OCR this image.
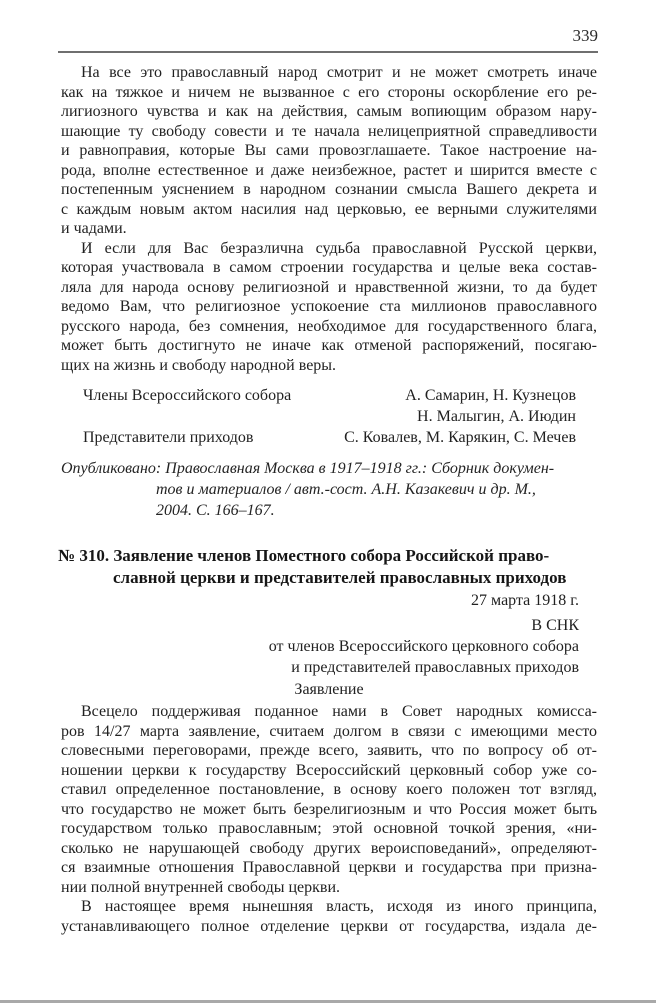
339
На все это православный народ смотрит и не может смотреть иначе
как на тяжкое и ничем не вызванное с его стороны оскорбление его ре-
лигиозного чувства и как на действия, самым вопиющим образом нару-
шающие ту свободу совести и те начала нелицеприятной справедливости
и равноправия, которые Вы сами провозглашаете. Такое настроение на-
рода, вполне естественное и даже неизбежное, растет и ширится вместе с
постепенным уяснением в народном сознании смысла Вашего декрета и
с каждым новым актом насилия над церковью, ее верными служителями
и чадами.
И если для Вас безразлична судьба православной Русской церкви,
которая участвовала в самом строении государства и целые века состав-
ляла для народа основу религиозной и нравственной жизни, то да будет
ведомо Вам, что религиозное успокоение ста миллионов православного
русского народа, без сомнения, необходимое для государственного блага,
может быть достигнуто не иначе как отменой распоряжений, посягаю-
щих на жизнь и свободу народной веры.
Члены Всероссийского собора	А. Самарин, Н. Кузнецов
Н. Малыгин, А. Июдин
Представители приходов	С. Ковалев, М. Карякин, С. Мечев
Опубликовано: Православная Москва в 1917–1918 гг.: Сборник докумен-
тов и материалов / авт.-сост. А.Н. Казакевич и др. М.,
2004. С. 166–167.
№ 310. Заявление членов Поместного собора Российской право-
славной церкви и представителей православных приходов
27 марта 1918 г.
В СНК
от членов Всероссийского церковного собора
и представителей православных приходов
Заявление
Всецело поддерживая поданное нами в Совет народных комисса-
ров 14/27 марта заявление, считаем долгом в связи с имеющими место
словесными переговорами, прежде всего, заявить, что по вопросу об от-
ношении церкви к государству Всероссийский церковный собор уже со-
ставил определенное постановление, в основу коего положен тот взгляд,
что государство не может быть безрелигиозным и что Россия может быть
государством только православным; этой основной точкой зрения, «ни-
сколько не нарушающей свободу других вероисповеданий», определяют-
ся взаимные отношения Православной церкви и государства при призна-
нии полной внутренней свободы церкви.
В настоящее время нынешняя власть, исходя из иного принципа,
устанавливающего полное отделение церкви от государства, издала де-
